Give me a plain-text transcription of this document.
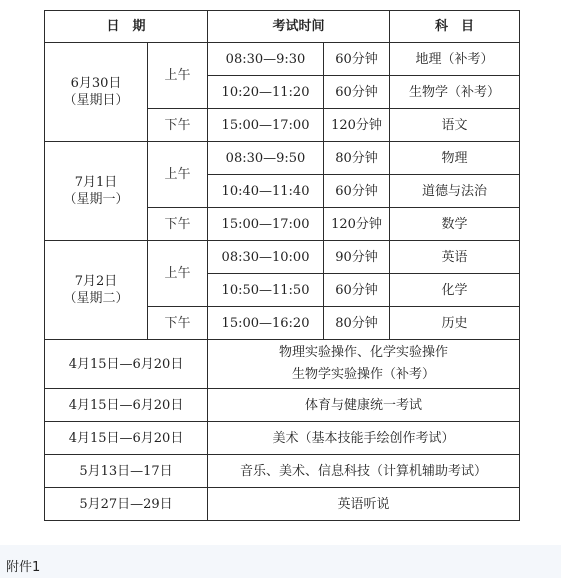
日　期		考试时间		科　目

6月30日
（星期日）	上午	08:30—9:30	60分钟	地理（补考）
		10:20—11:20	60分钟	生物学（补考）
	下午	15:00—17:00	120分钟	语文

7月1日
（星期一）	上午	08:30—9:50	80分钟	物理
		10:40—11:40	60分钟	道德与法治
	下午	15:00—17:00	120分钟	数学

7月2日
（星期二）	上午	08:30—10:00	90分钟	英语
		10:50—11:50	60分钟	化学
	下午	15:00—16:20	80分钟	历史
4月15日—6月20日		物理实验操作、化学实验操作
生物学实验操作（补考）		

4月15日—6月20日		体育与健康统一考试		
4月15日—6月20日		美术（基本技能手绘创作考试）		
5月13日—17日		音乐、美术、信息科技（计算机辅助考试）		
5月27日—29日		英语听说		
附件1
